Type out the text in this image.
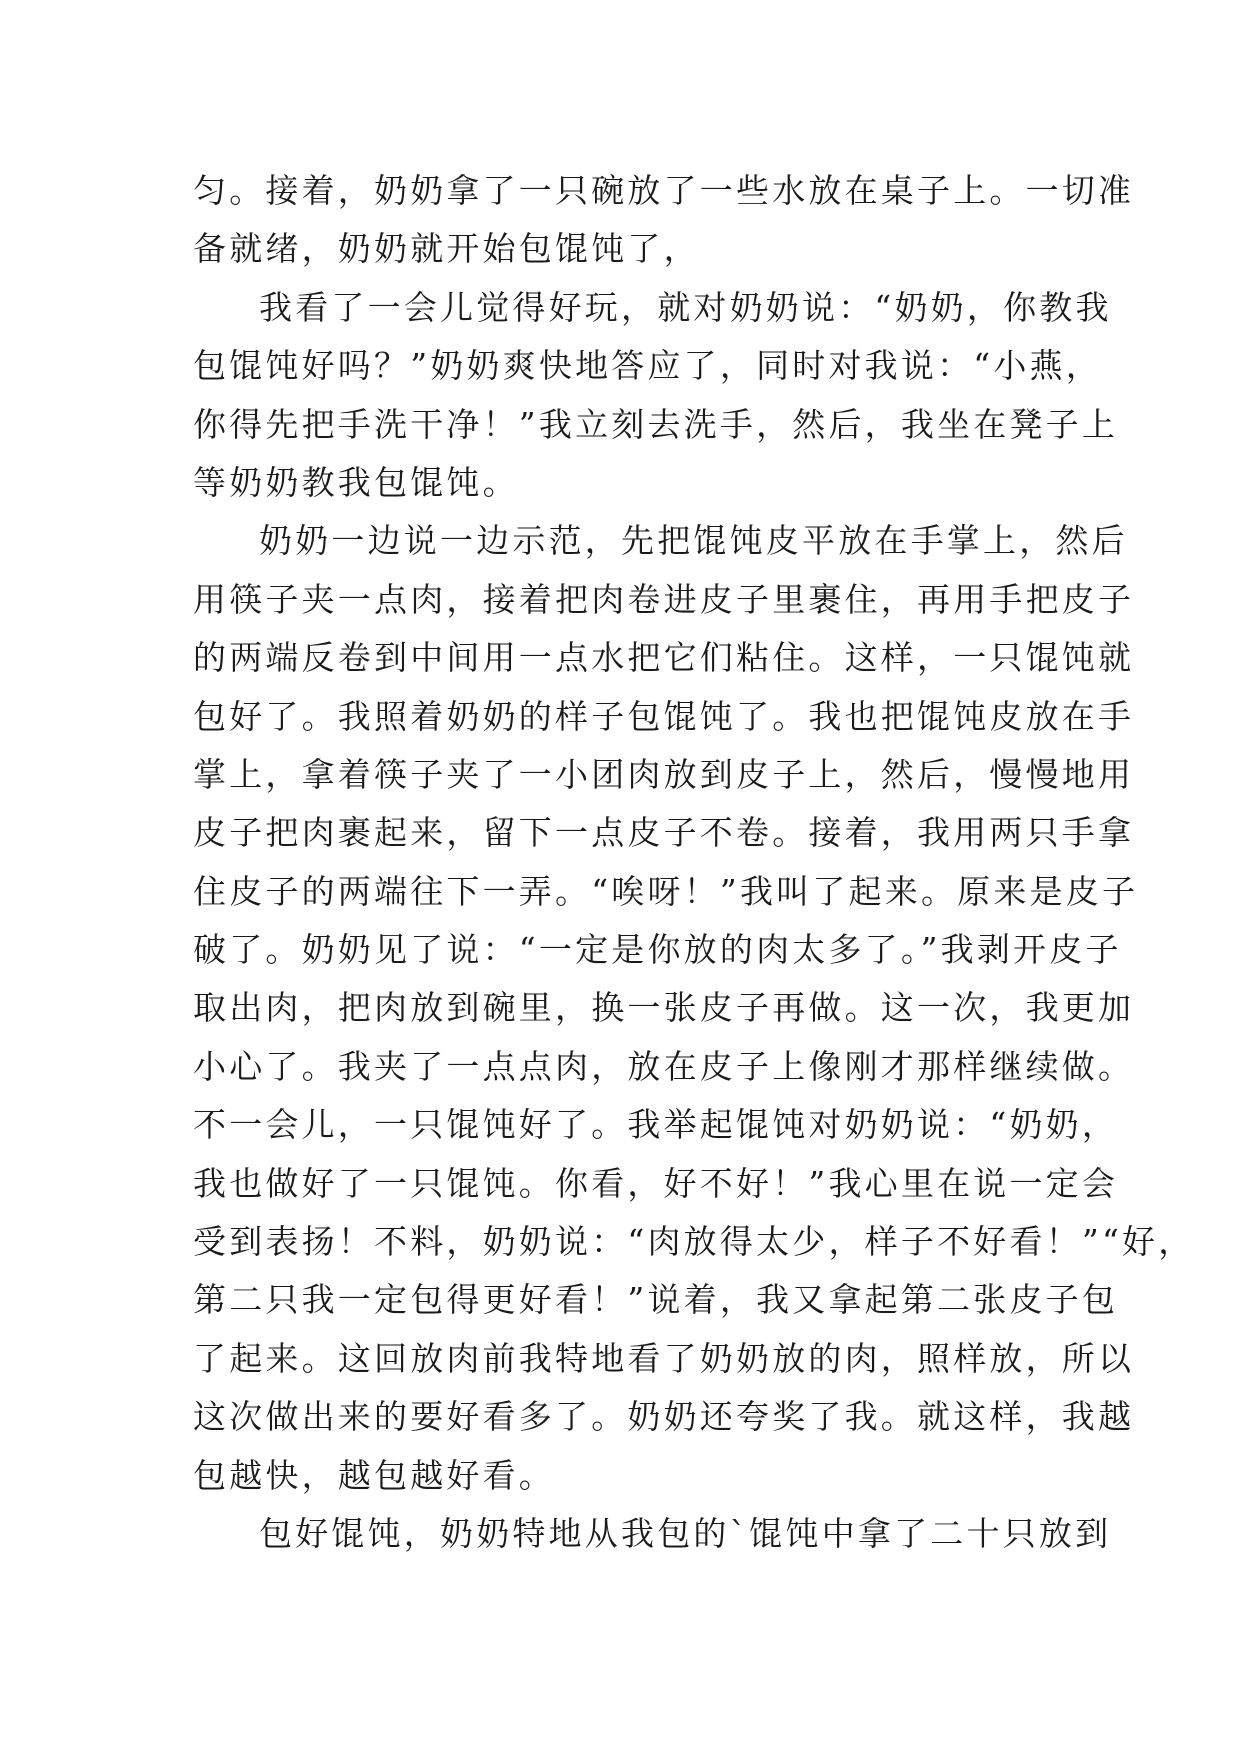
匀。接着，奶奶拿了一只碗放了一些水放在桌子上。一切准
备就绪，奶奶就开始包馄饨了，
我看了一会儿觉得好玩，就对奶奶说：“奶奶，你教我
包馄饨好吗？”奶奶爽快地答应了，同时对我说：“小燕，
你得先把手洗干净！”我立刻去洗手，然后，我坐在凳子上
等奶奶教我包馄饨。
奶奶一边说一边示范，先把馄饨皮平放在手掌上，然后
用筷子夹一点肉，接着把肉卷进皮子里裹住，再用手把皮子
的两端反卷到中间用一点水把它们粘住。这样，一只馄饨就
包好了。我照着奶奶的样子包馄饨了。我也把馄饨皮放在手
掌上，拿着筷子夹了一小团肉放到皮子上，然后，慢慢地用
皮子把肉裹起来，留下一点皮子不卷。接着，我用两只手拿
住皮子的两端往下一弄。“唉呀！”我叫了起来。原来是皮子
破了。奶奶见了说：“一定是你放的肉太多了。”我剥开皮子
取出肉，把肉放到碗里，换一张皮子再做。这一次，我更加
小心了。我夹了一点点肉，放在皮子上像刚才那样继续做。
不一会儿，一只馄饨好了。我举起馄饨对奶奶说：“奶奶，
我也做好了一只馄饨。你看，好不好！”我心里在说一定会
受到表扬！不料，奶奶说：“肉放得太少，样子不好看！”“好，
第二只我一定包得更好看！”说着，我又拿起第二张皮子包
了起来。这回放肉前我特地看了奶奶放的肉，照样放，所以
这次做出来的要好看多了。奶奶还夸奖了我。就这样，我越
包越快，越包越好看。
包好馄饨，奶奶特地从我包的`馄饨中拿了二十只放到
